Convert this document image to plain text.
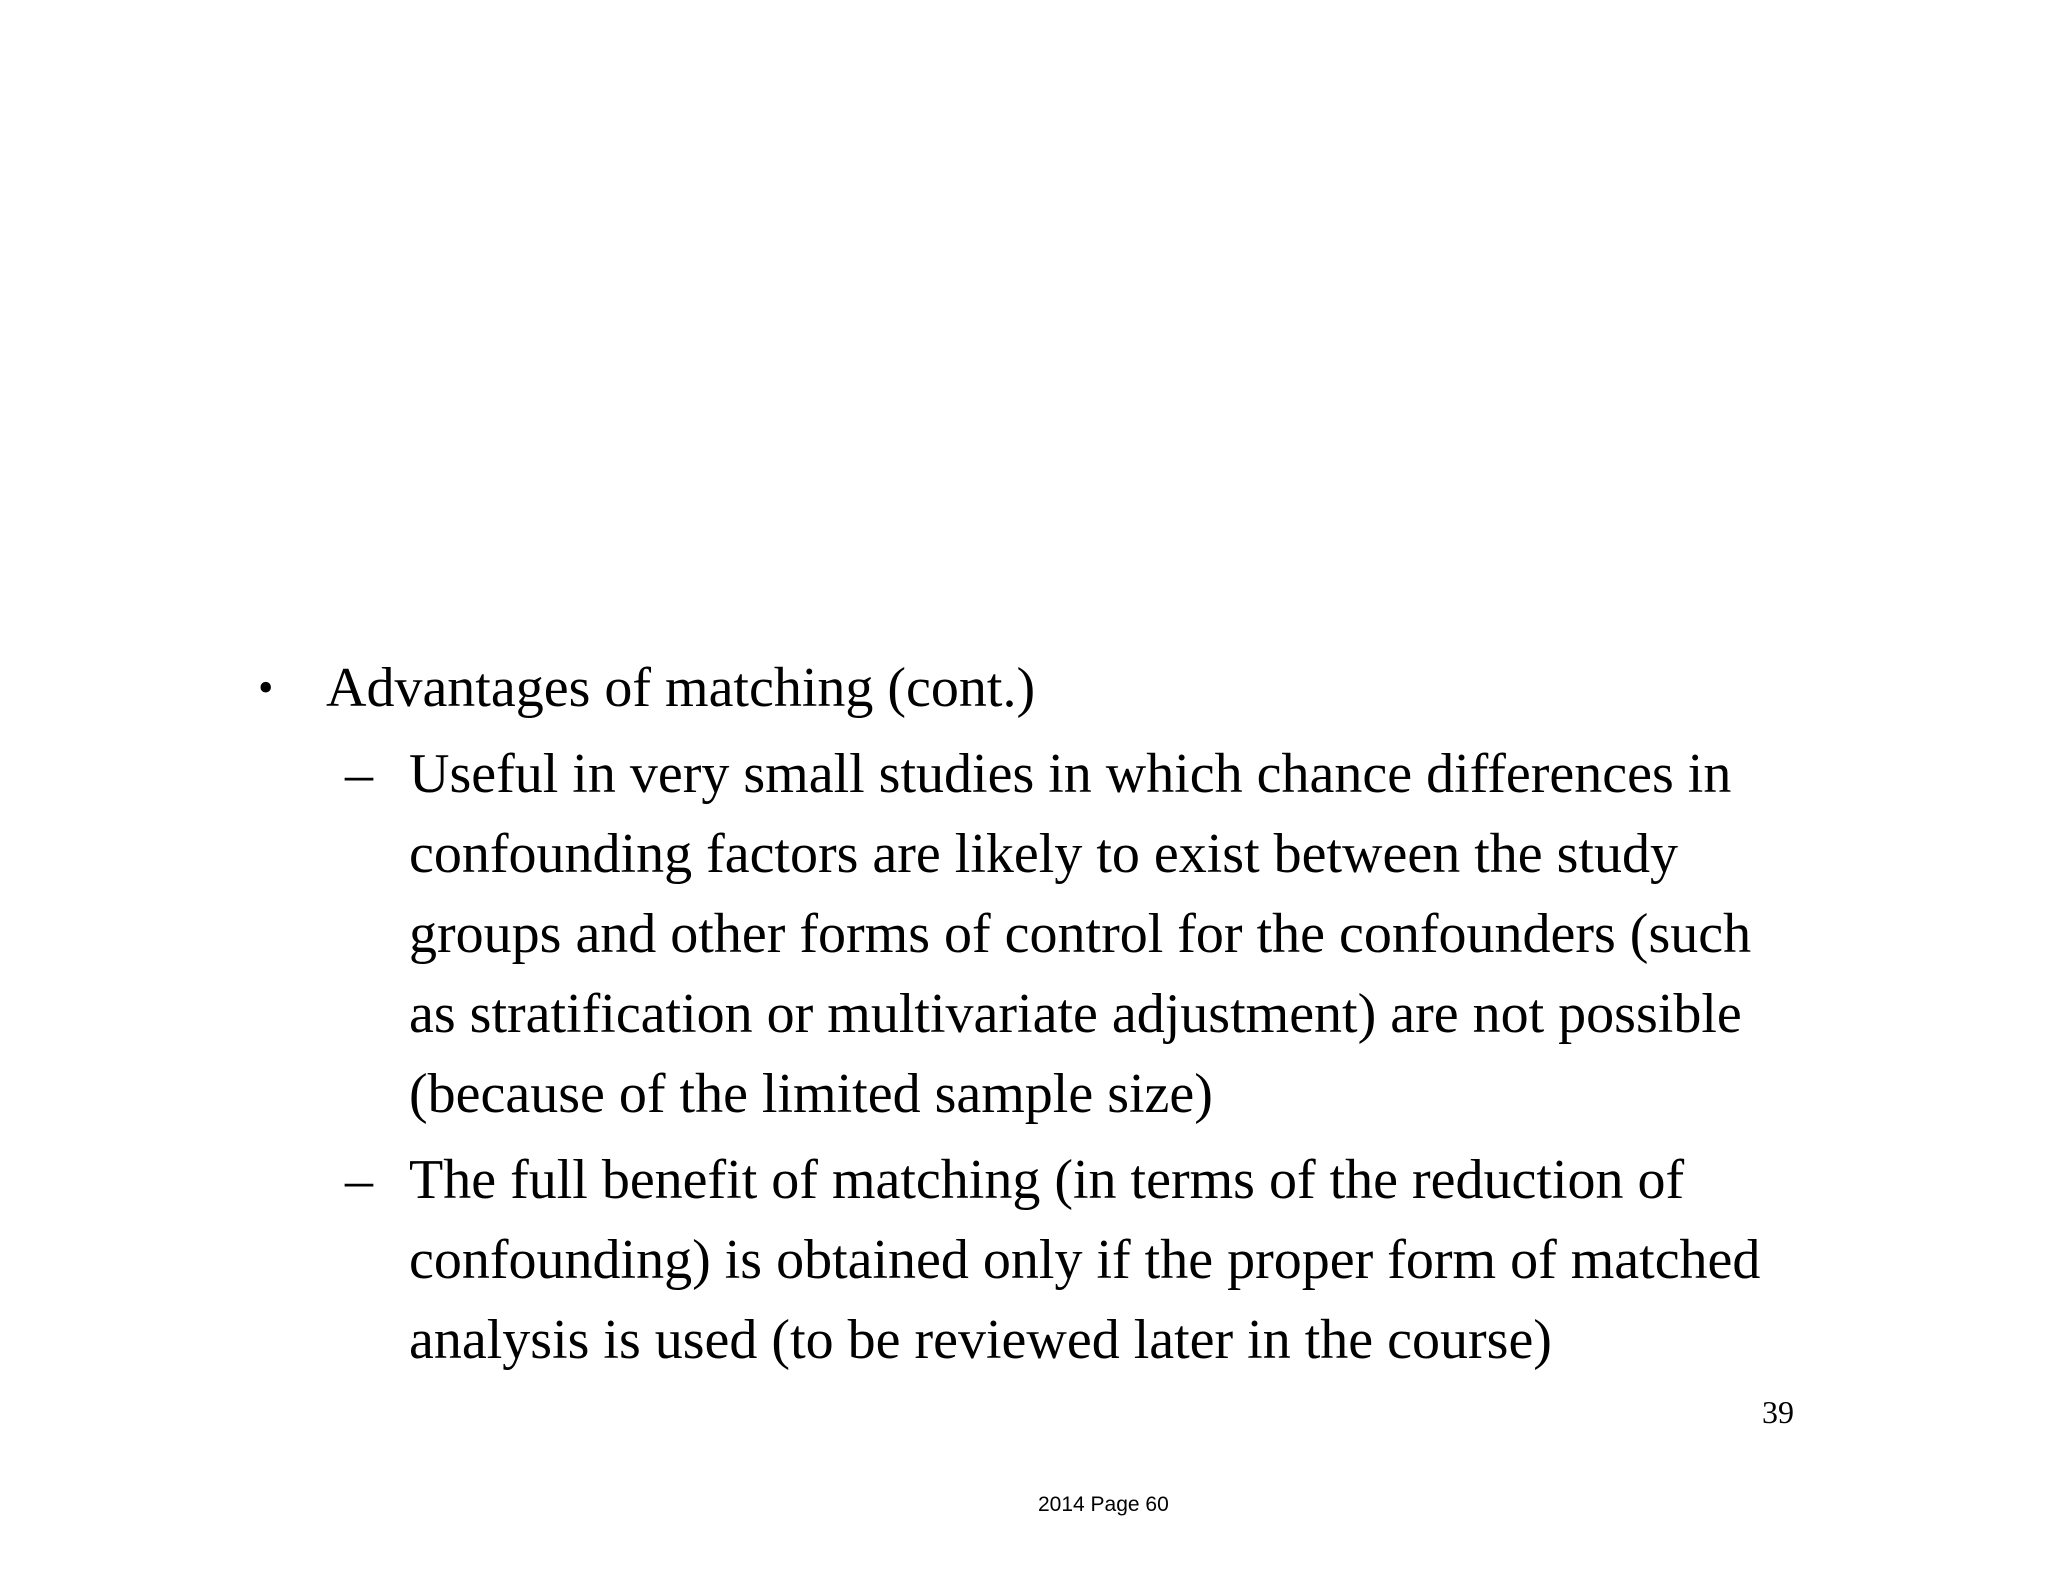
• Advantages of matching (cont.)
– Useful in very small studies in which chance differences in confounding factors are likely to exist between the study groups and other forms of control for the confounders (such as stratification or multivariate adjustment) are not possible (because of the limited sample size)
– The full benefit of matching (in terms of the reduction of confounding) is obtained only if the proper form of matched analysis is used (to be reviewed later in the course)
39
2014 Page 60
